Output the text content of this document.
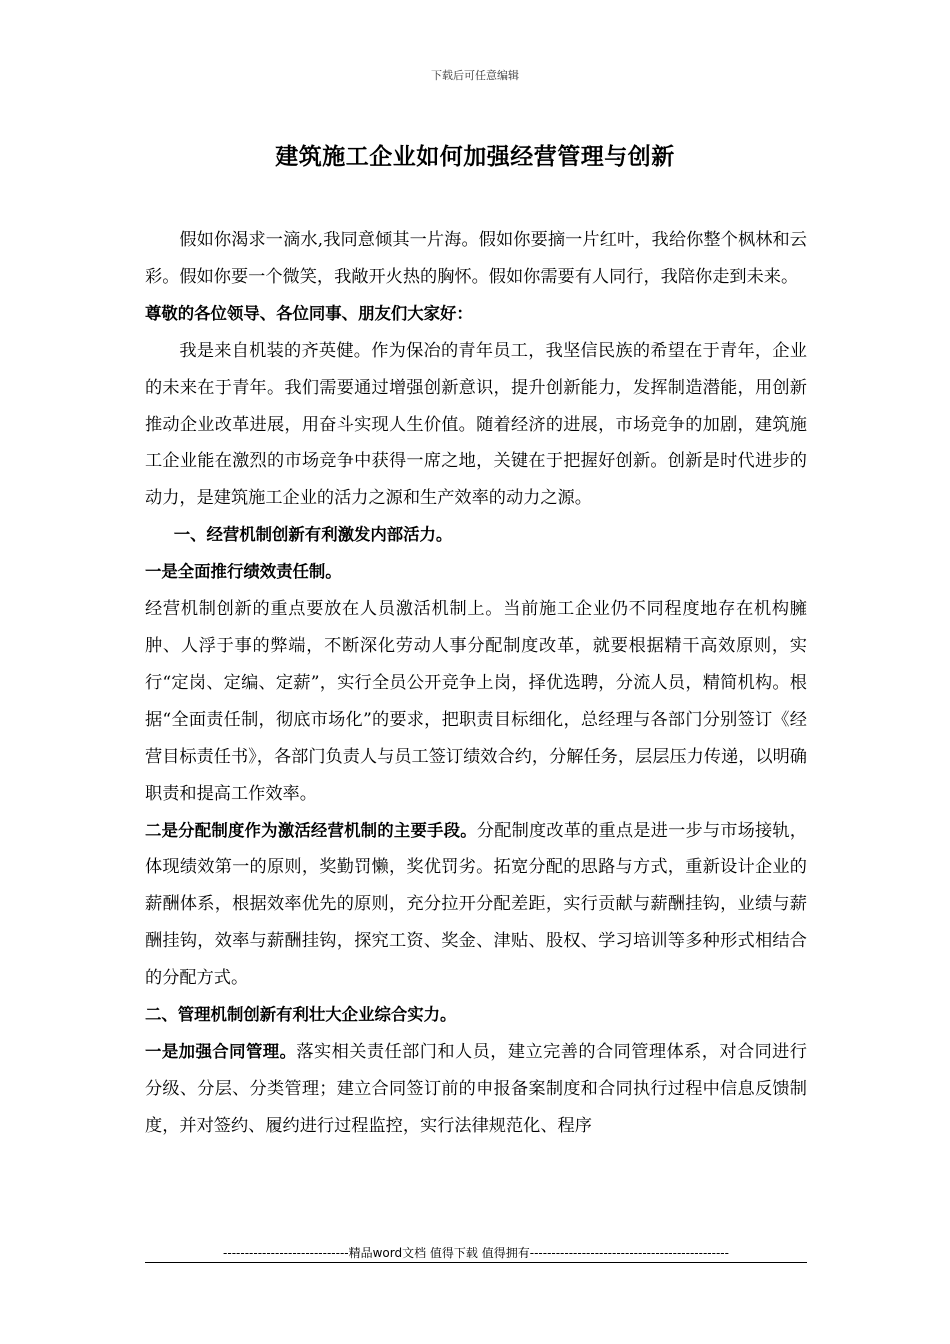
下载后可任意编辑
建筑施工企业如何加强经营管理与创新

假如你渴求一滴水,我同意倾其一片海。假如你要摘一片红叶，我给你整个枫林和云彩。假如你要一个微笑，我敞开火热的胸怀。假如你需要有人同行，我陪你走到未来。

尊敬的各位领导、各位同事、朋友们大家好：

我是来自机装的齐英健。作为保冶的青年员工，我坚信民族的希望在于青年，企业的未来在于青年。我们需要通过增强创新意识，提升创新能力，发挥制造潜能，用创新推动企业改革进展，用奋斗实现人生价值。随着经济的进展，市场竞争的加剧，建筑施工企业能在激烈的市场竞争中获得一席之地，关键在于把握好创新。创新是时代进步的动力，是建筑施工企业的活力之源和生产效率的动力之源。

一、经营机制创新有利激发内部活力。

一是全面推行绩效责任制。

经营机制创新的重点要放在人员激活机制上。当前施工企业仍不同程度地存在机构臃肿、人浮于事的弊端，不断深化劳动人事分配制度改革，就要根据精干高效原则，实行“定岗、定编、定薪”，实行全员公开竞争上岗，择优选聘，分流人员，精简机构。根据“全面责任制，彻底市场化”的要求，把职责目标细化，总经理与各部门分别签订《经营目标责任书》，各部门负责人与员工签订绩效合约，分解任务，层层压力传递，以明确职责和提高工作效率。

二是分配制度作为激活经营机制的主要手段。分配制度改革的重点是进一步与市场接轨，体现绩效第一的原则，奖勤罚懒，奖优罚劣。拓宽分配的思路与方式，重新设计企业的薪酬体系，根据效率优先的原则，充分拉开分配差距，实行贡献与薪酬挂钩，业绩与薪酬挂钩，效率与薪酬挂钩，探究工资、奖金、津贴、股权、学习培训等多种形式相结合的分配方式。

二、管理机制创新有利壮大企业综合实力。

一是加强合同管理。落实相关责任部门和人员，建立完善的合同管理体系，对合同进行分级、分层、分类管理；建立合同签订前的申报备案制度和合同执行过程中信息反馈制度，并对签约、履约进行过程监控，实行法律规范化、程序

-----------------------------精品word文档 值得下载 值得拥有----------------------------------------------
